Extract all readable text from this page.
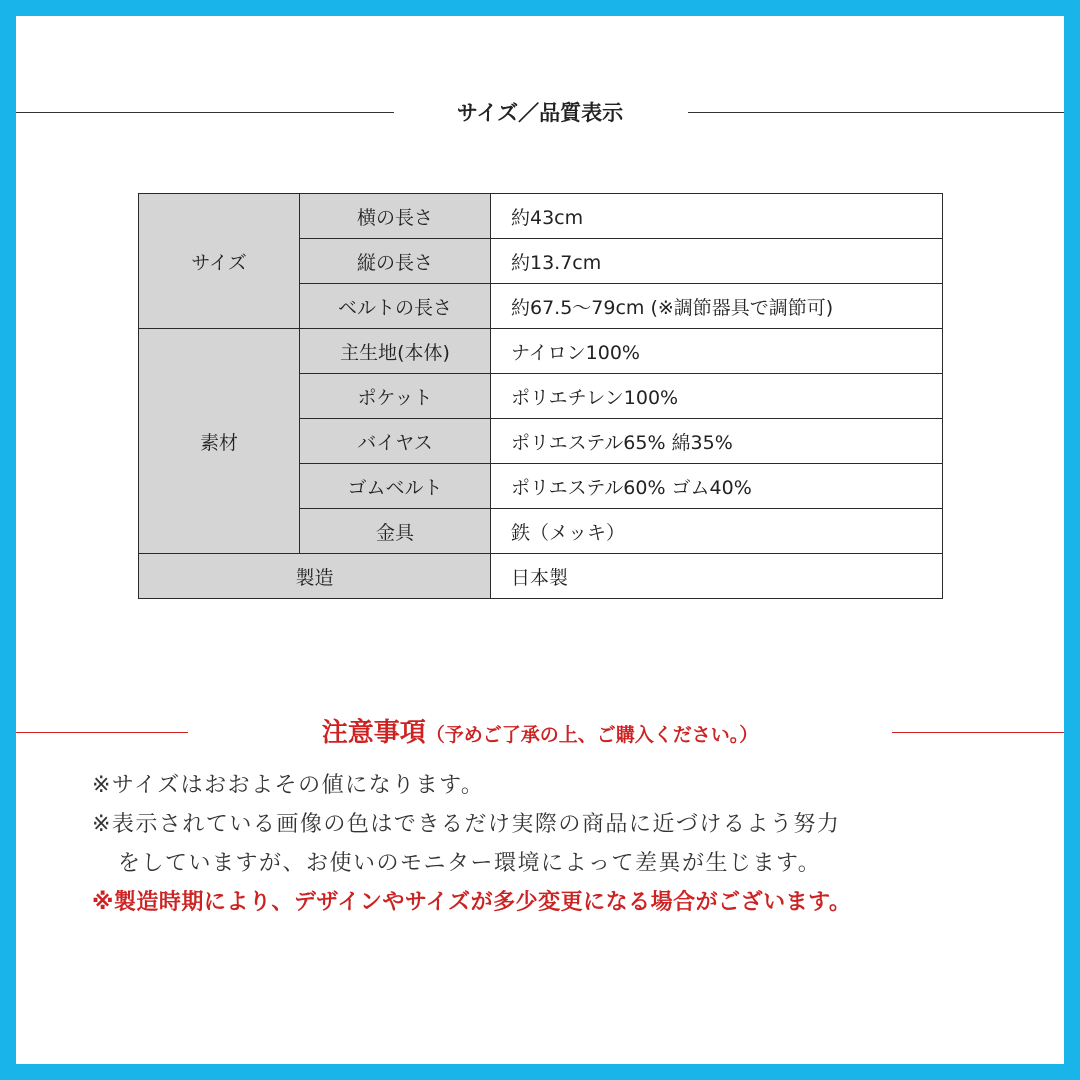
サイズ／品質表示
サイズ	横の長さ	約43cm
	縦の長さ	約13.7cm
	ベルトの長さ	約67.5～79cm (※調節器具で調節可)
素材	主生地(本体)	ナイロン100%
	ポケット	ポリエチレン100%
	バイヤス	ポリエステル65% 綿35%
	ゴムベルト	ポリエステル60% ゴム40%
	金具	鉄（メッキ）
製造		日本製
注意事項（予めご了承の上、ご購入ください。）
※サイズはおおよその値になります。
※表示されている画像の色はできるだけ実際の商品に近づけるよう努力
をしていますが、お使いのモニター環境によって差異が生じます。
※製造時期により、デザインやサイズが多少変更になる場合がございます。
